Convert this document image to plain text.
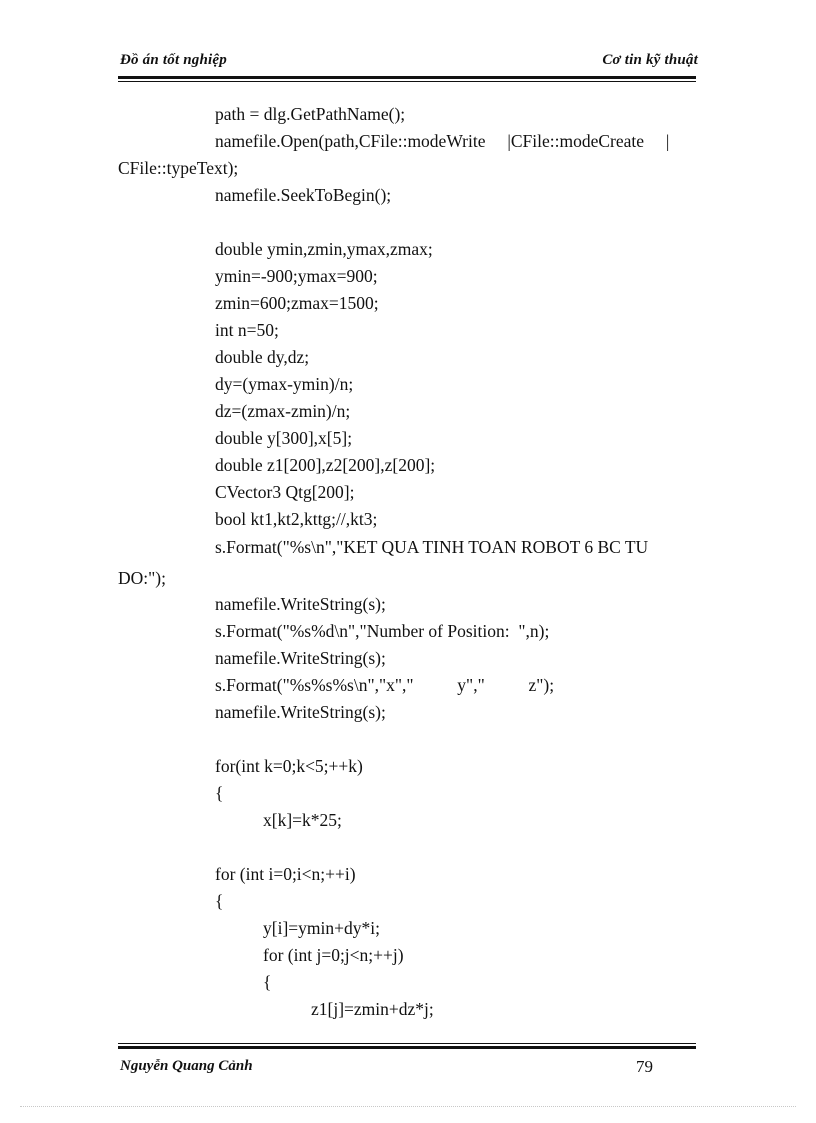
Đồ án tốt nghiệp	Cơ tin kỹ thuật
path = dlg.GetPathName();
namefile.Open(path,CFile::modeWrite     |CFile::modeCreate     |
CFile::typeText);
namefile.SeekToBegin();
double ymin,zmin,ymax,zmax;
ymin=-900;ymax=900;
zmin=600;zmax=1500;
int n=50;
double dy,dz;
dy=(ymax-ymin)/n;
dz=(zmax-zmin)/n;
double y[300],x[5];
double z1[200],z2[200],z[200];
CVector3 Qtg[200];
bool kt1,kt2,kttg;//,kt3;
s.Format("%s\n","KET QUA TINH TOAN ROBOT 6 BC TU
DO:");
namefile.WriteString(s);
s.Format("%s%d\n","Number of Position:  ",n);
namefile.WriteString(s);
s.Format("%s%s%s\n","x","          y","          z");
namefile.WriteString(s);
for(int k=0;k<5;++k)
{
x[k]=k*25;
for (int i=0;i<n;++i)
{
y[i]=ymin+dy*i;
for (int j=0;j<n;++j)
{
z1[j]=zmin+dz*j;
Nguyễn Quang Cảnh	79
